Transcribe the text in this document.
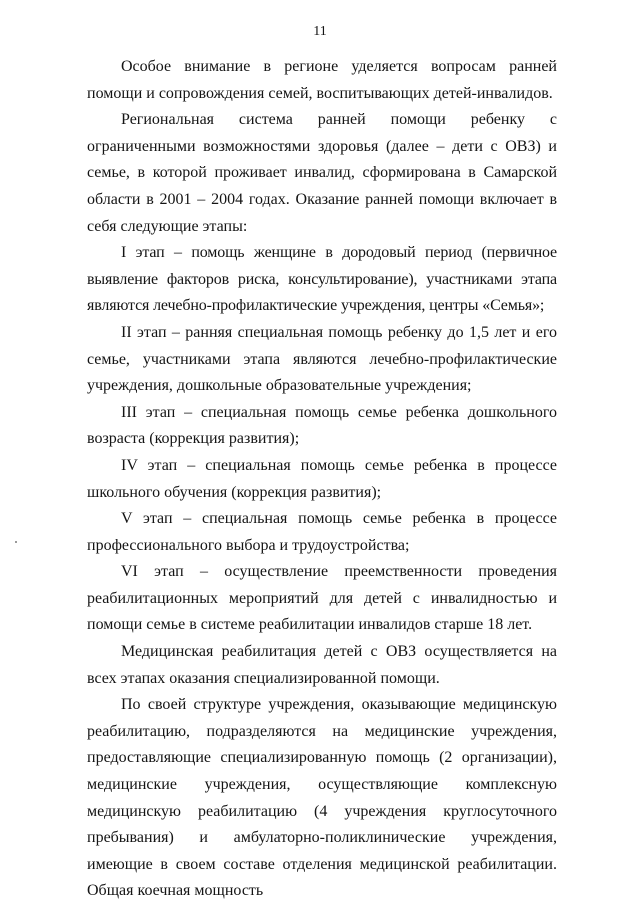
11

Особое внимание в регионе уделяется вопросам ранней помощи и сопровождения семей, воспитывающих детей-инвалидов.

Региональная система ранней помощи ребенку с ограниченными возможностями здоровья (далее – дети с ОВЗ) и семье, в которой проживает инвалид, сформирована в Самарской области в 2001 – 2004 годах. Оказание ранней помощи включает в себя следующие этапы:

I этап – помощь женщине в дородовый период (первичное выявление факторов риска, консультирование), участниками этапа являются лечебно-профилактические учреждения, центры «Семья»;

II этап – ранняя специальная помощь ребенку до 1,5 лет и его семье, участниками этапа являются лечебно-профилактические учреждения, дошкольные образовательные учреждения;

III этап – специальная помощь семье ребенка дошкольного возраста (коррекция развития);

IV этап – специальная помощь семье ребенка в процессе школьного обучения (коррекция развития);

V этап – специальная помощь семье ребенка в процессе профессионального выбора и трудоустройства;

VI этап – осуществление преемственности проведения реабилитационных мероприятий для детей с инвалидностью и помощи семье в системе реабилитации инвалидов старше 18 лет.

Медицинская реабилитация детей с ОВЗ осуществляется на всех этапах оказания специализированной помощи.

По своей структуре учреждения, оказывающие медицинскую реабилитацию, подразделяются на медицинские учреждения, предоставляющие специализированную помощь (2 организации), медицинские учреждения, осуществляющие комплексную медицинскую реабилитацию (4 учреждения круглосуточного пребывания) и амбулаторно-поликлинические учреждения, имеющие в своем составе отделения медицинской реабилитации. Общая коечная мощность
